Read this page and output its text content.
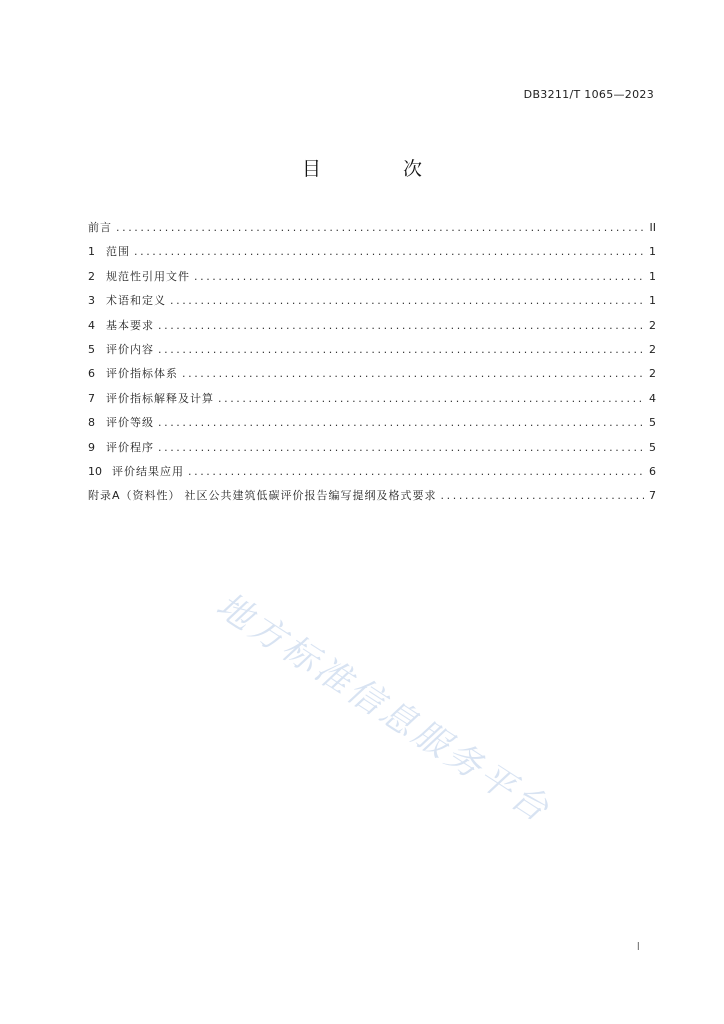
DB3211/T 1065—2023
目 次
前言 .....	II
1	范围 .....	1
2	规范性引用文件 .....	1
3	术语和定义 .....	1
4	基本要求 .....	2
5	评价内容 .....	2
6	评价指标体系 .....	2
7	评价指标解释及计算 .....	4
8	评价等级 .....	5
9	评价程序 .....	5
10 评价结果应用 .....	6
附录A（资料性） 社区公共建筑低碳评价报告编写提纲及格式要求 .....	7
地方标准信息服务平台
I
